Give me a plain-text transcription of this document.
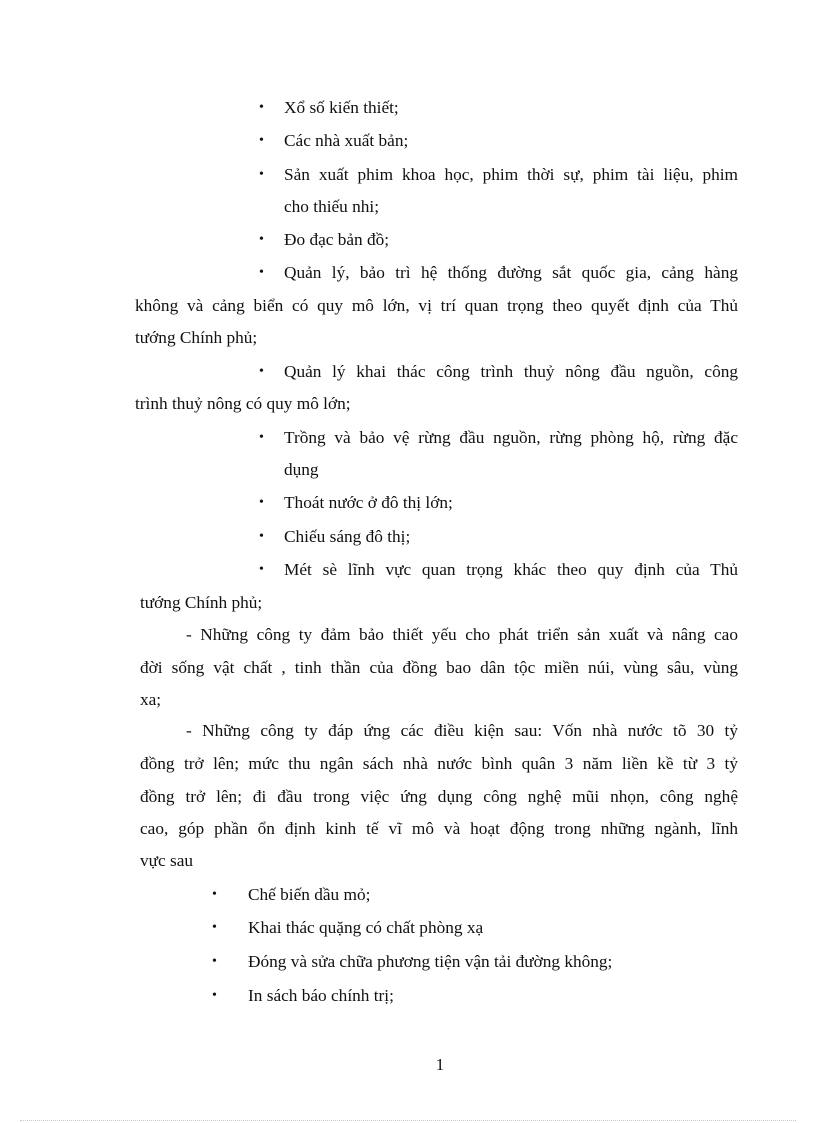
• Xổ số kiến thiết;
• Các nhà xuất bản;
• Sản xuất phim khoa học, phim thời sự, phim tài liệu, phim
cho thiếu nhi;
• Đo đạc bản đồ;
• Quản lý, bảo trì hệ thống đường sắt quốc gia, cảng hàng
không và cảng biển có quy mô lớn, vị trí quan trọng theo quyết định của Thủ
tướng Chính phủ;
• Quản lý khai thác công trình thuỷ nông đầu nguồn, công
trình thuỷ nông có quy mô lớn;
• Trồng và bảo vệ rừng đầu nguồn, rừng phòng hộ, rừng đặc
dụng
• Thoát nước ở đô thị lớn;
• Chiếu sáng đô thị;
• Mét sè lĩnh vực quan trọng khác theo quy định của Thủ
tướng Chính phủ;
- Những công ty đảm bảo thiết yếu cho phát triển sản xuất và nâng cao
đời sống vật chất , tinh thần của đồng bao dân tộc miền núi, vùng sâu, vùng
xa;
- Những công ty đáp ứng các điều kiện sau: Vốn nhà nước tõ 30 tỷ
đồng trở lên; mức thu ngân sách nhà nước bình quân 3 năm liền kề từ 3 tỷ
đồng trở lên; đi đầu trong việc ứng dụng công nghệ mũi nhọn, công nghệ
cao, góp phần ổn định kinh tế vĩ mô và hoạt động trong những ngành, lĩnh
vực sau
• Chế biến dầu mỏ;
• Khai thác quặng có chất phòng xạ
• Đóng và sửa chữa phương tiện vận tải đường không;
• In sách báo chính trị;
1
